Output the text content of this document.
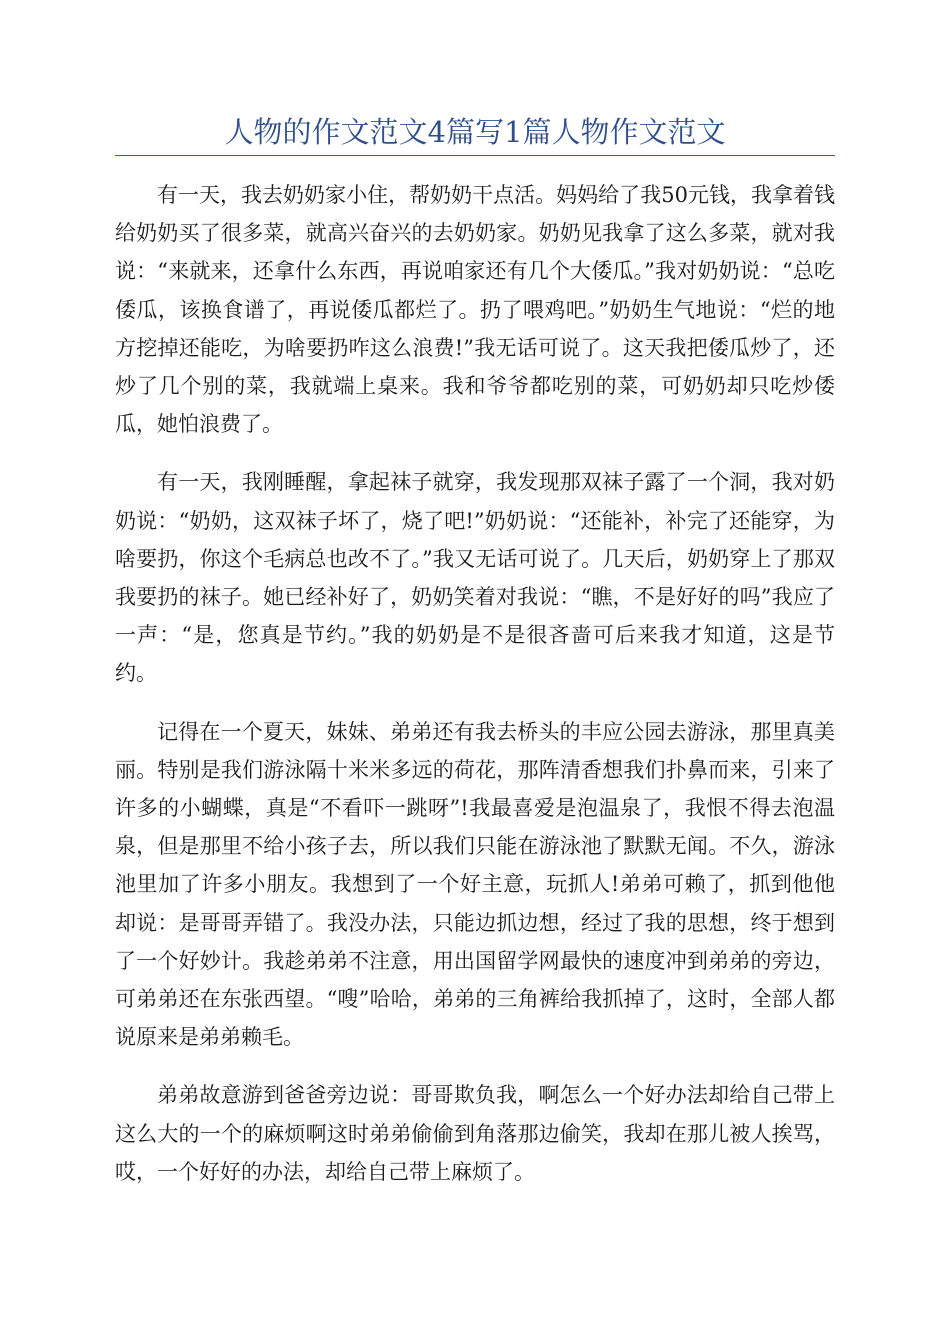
人物的作文范文4篇写1篇人物作文范文

有一天，我去奶奶家小住，帮奶奶干点活。妈妈给了我50元钱，我拿着钱给奶奶买了很多菜，就高兴奋兴的去奶奶家。奶奶见我拿了这么多菜，就对我说：“来就来，还拿什么东西，再说咱家还有几个大倭瓜。”我对奶奶说：“总吃倭瓜，该换食谱了，再说倭瓜都烂了。扔了喂鸡吧。”奶奶生气地说：“烂的地方挖掉还能吃，为啥要扔咋这么浪费!”我无话可说了。这天我把倭瓜炒了，还炒了几个别的菜，我就端上桌来。我和爷爷都吃别的菜，可奶奶却只吃炒倭瓜，她怕浪费了。

有一天，我刚睡醒，拿起袜子就穿，我发现那双袜子露了一个洞，我对奶奶说：“奶奶，这双袜子坏了，烧了吧!”奶奶说：“还能补，补完了还能穿，为啥要扔，你这个毛病总也改不了。”我又无话可说了。几天后，奶奶穿上了那双我要扔的袜子。她已经补好了，奶奶笑着对我说：“瞧，不是好好的吗”我应了一声：“是，您真是节约。”我的奶奶是不是很吝啬可后来我才知道，这是节约。

记得在一个夏天，妹妹、弟弟还有我去桥头的丰应公园去游泳，那里真美丽。特别是我们游泳隔十米米多远的荷花，那阵清香想我们扑鼻而来，引来了许多的小蝴蝶，真是“不看吓一跳呀”!我最喜爱是泡温泉了，我恨不得去泡温泉，但是那里不给小孩子去，所以我们只能在游泳池了默默无闻。不久，游泳池里加了许多小朋友。我想到了一个好主意，玩抓人!弟弟可赖了，抓到他他却说：是哥哥弄错了。我没办法，只能边抓边想，经过了我的思想，终于想到了一个好妙计。我趁弟弟不注意，用出国留学网最快的速度冲到弟弟的旁边，可弟弟还在东张西望。“嗖”哈哈，弟弟的三角裤给我抓掉了，这时，全部人都说原来是弟弟赖毛。

弟弟故意游到爸爸旁边说：哥哥欺负我，啊怎么一个好办法却给自己带上这么大的一个的麻烦啊这时弟弟偷偷到角落那边偷笑，我却在那儿被人挨骂，哎，一个好好的办法，却给自己带上麻烦了。
